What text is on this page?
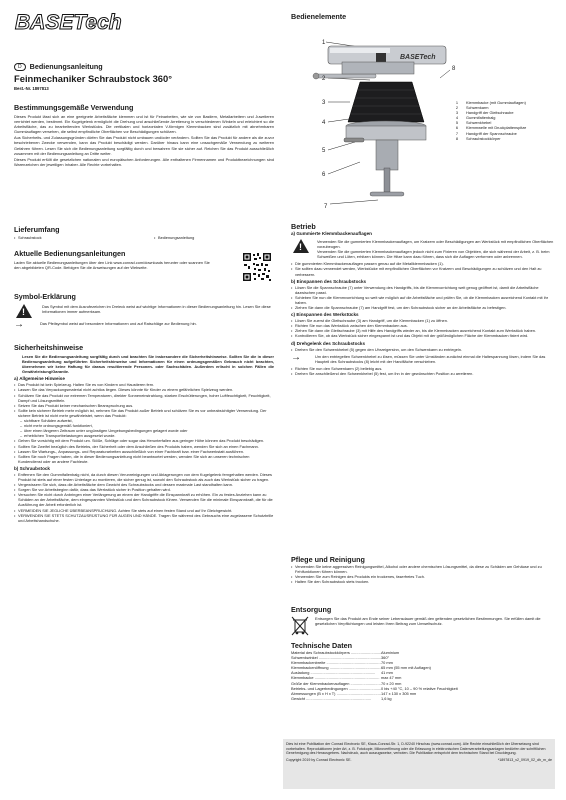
BASETech
D	Bedienungsanleitung
Feinmechaniker Schraubstock 360°
Best.-Nr. 1897813
Bestimmungsgemäße Verwendung

Dieses Produkt lässt sich an eine geeignete Arbeitsfläche klemmen und ist für Feinarbeiten, wie sie von Bastlern, Metallarbeitern und Juwelieren verrichtet werden, bestimmt. Ein Kugelgelenk ermöglicht die Drehung und anschließende Arretierung in verschiedenen Winkeln und erleichtert so die Arbeitsfläche, das zu bearbeitenden Werkstücks. Die vertikalen und horizontalen V-förmigen Klemmbacken sind zusätzlich mit abnehmbaren Gummiauflagen versehen, die selbst empfindliche Oberflächen vor Beschädigungen schützen.

Aus Sicherheits- und Zulassungsgründen dürfen Sie das Produkt nicht umbauen und/oder verändern. Sollten Sie das Produkt für andere als die zuvor beschriebenen Zwecke verwenden, kann das Produkt beschädigt werden. Darüber hinaus kann eine unsachgemäße Verwendung zu weiteren Gefahren führen. Lesen Sie sich die Bedienungsanleitung sorgfältig durch und bewahren Sie sie sicher auf. Reichen Sie das Produkt ausschließlich zusammen mit der Bedienungsanleitung an Dritte weiter.

Dieses Produkt erfüllt die gesetzlichen nationalen und europäischen Anforderungen. Alle enthaltenen Firmennamen und Produktbezeichnungen sind Warenzeichen der jeweiligen Inhaber. Alle Rechte vorbehalten.

Lieferumfang
• Schraubstock
•	Bedienungsanleitung
Aktuelle Bedienungsanleitungen

Laden Sie aktuelle Bedienungsanleitungen über den Link www.conrad.com/downloads herunter oder scannen Sie den abgebildeten QR-Code. Befolgen Sie die Anweisungen auf der Webseite.

Symbol-Erklärung
!

Das Symbol mit dem Ausrufezeichen im Dreieck weist auf wichtige Informationen in dieser Bedienungsanleitung hin. Lesen Sie diese Informationen immer aufmerksam.

→	Das Pfeilsymbol weist auf besondere Informationen und auf Ratschläge zur Bedienung hin.

Sicherheitshinweise

Lesen Sie die Bedienungsanleitung sorgfältig durch und beachten Sie insbesondere die Sicherheitshinweise. Sollten Sie die in dieser Bedienungsanleitung aufgeführten Sicherheitshinweise und Informationen für einen ordnungsgemäßen Gebrauch nicht beachten, übernehmen wir keine Haftung für daraus resultierende Personen- oder Sachschäden. Außerdem erlischt in solchen Fällen die Gewährleistung/Garantie.

a) Allgemeine Hinweise
• Das Produkt ist kein Spielzeug. Halten Sie es von Kindern und Haustieren fern.
• Lassen Sie das Verpackungsmaterial nicht achtlos liegen. Dieses könnte für Kinder zu einem gefährlichen Spielzeug werden.
• Schützen Sie das Produkt vor extremen Temperaturen, direkter Sonneneinstrahlung, starken Erschütterungen, hoher Luftfeuchtigkeit, Feuchtigkeit, Dampf und Lösungsmitteln.
• Setzen Sie das Produkt keiner mechanischen Beanspruchung aus.
• Sollte kein sicherer Betrieb mehr möglich ist, nehmen Sie das Produkt außer Betrieb und schützen Sie es vor unbeabsichtigter Verwendung. Der sichere Betrieb ist nicht mehr gewährleistet, wenn das Produkt:
– sichtbare Schäden aufweist,
– nicht mehr ordnungsgemäß funktioniert,
– über einen längeren Zeitraum unter ungünstigen Umgebungsbedingungen gelagert wurde oder
– erheblichen Transportbelastungen ausgesetzt wurde.
• Gehen Sie vorsichtig mit dem Produkt um. Stöße, Schläge oder sogar das Herunterfallen aus geringer Höhe können das Produkt beschädigen.
• Sollten Sie Zweifel bezüglich des Betriebs, der Sicherheit oder dem Anschließen des Produkts haben, wenden Sie sich an einen Fachmann.
• Lassen Sie Wartungs-, Anpassungs- und Reparaturarbeiten ausschließlich von einer Fachkraft bzw. einer Fachwerkstatt ausführen.
• Sollten Sie noch Fragen haben, die in dieser Bedienungsanleitung nicht beantwortet werden, wenden Sie sich an unseren technischen Kundendienst oder an andere Fachleute.
b) Schraubstock
• Entfernen Sie den Gummifallenbalg nicht, da durch diesen Verunreinigungen und Ablagerungen von dem Kugelgelenk ferngehalten werden. Dieses Produkt ist stets auf einer festen Unterlage zu montieren, die sicher genug ist, sowohl den Schraubstock als auch das Werkstück sicher zu tragen.
• Vergewissern Sie sich, dass die Arbeitsfläche dem Gewicht des Schraubstocks und dessen maximale Last standhalten kann.
• Sorgen Sie vor Arbeitsbeginn dafür, dass das Werkstück sicher in Position gehalten wird.
• Versuchen Sie nicht durch Anbringen einer Verlängerung an einem der Handgriffe die Einspannkraft zu erhöhen. Ein zu festes Anziehen kann zu Schäden an der Arbeitsfläche, dem eingespannten Werkstück und dem Schraubstock führen. Verwenden Sie die minimale Einspannkraft, die für die Ausführung der Arbeit erforderlich ist.
• VERMEIDEN SIE JEGLICHE ÜBERBEANSPRUCHUNG. Achten Sie stets auf einen festen Stand und auf Ihr Gleichgewicht.
• VERWENDEN SIE STETS SCHUTZAUSRÜSTUNG FÜR AUGEN UND HÄNDE. Tragen Sie während des Gebrauchs eine zugelassene Schutzbrille und Arbeitshandschuhe.
Bedienelemente
BASETech
1
2
3
4
5
6
7
8
1 Klemmbacke (mit Gummiauflagen)
2 Schwenkarm
3 Handgriff der Gleitschraube
4 Gummifaltenbalg
5 Schwenkhebel
6 Klemmwelle mit Druckplattenspitze
7 Handgriff der Spannschraube
8 Schraubstockkörper
Betrieb
a) Gummierte Klemmbackenauflagen
!

Verwenden Sie die gummierten Klemmbackenauflagen, um Kratzern oder Beschädigungen am Werkstück mit empfindlichen Oberflächen vorzubeugen.

Verwenden Sie die gummierten Klemmbackenauflagen jedoch nicht zum Fixieren von Objekten, die sich während der Arbeit, z. B. beim Schweißen und Löten, erhitzen können. Die Hitze kann dazu führen, dass sich die Auflagen verformen oder anbrennen.

• Die gummierten Klemmbackenauflagen passen genau auf die Metallklemmbacken (1).
• Sie sollten dazu verwendet werden, Werkstücke mit empfindlichen Oberflächen vor Kratzern und Beschädigungen zu schützen und den Halt zu verbessern.
b) Einspannen des Schraubstocks
• Lösen Sie die Spannschraube (7) unter Verwendung des Handgriffs, bis die Klemmvorrichtung weit genug geöffnet ist, damit die Arbeitsfläche dazwischen passt.
• Schieben Sie nun die Klemmvorrichtung so weit wie möglich auf die Arbeitsfläche und prüfen Sie, ob die Klemmbacken ausreichend Kontakt mit ihr haben.
• Ziehen Sie dann die Spannschraube (7) am Handgriff fest, um den Schraubstock sicher an der Arbeitsfläche zu befestigen.
c) Einspannen des Werkstücks
• Lösen Sie zuerst die Gleitschraube (3) am Handgriff, um die Klemmbacken (1) zu öffnen.
• Richten Sie nun das Werkstück zwischen den Klemmbacken aus.
• Ziehen Sie dann die Gleitschraube (3) mit Hilfe des Handgriffs wieder an, bis die Klemmbacken ausreichend Kontakt zum Werkstück haben.
• Kontrollieren Sie, ob das Werkstück sicher eingespannt ist und das Objekt mit der größtmöglichen Fläche der Klemmbacken fixiert wird.
d) Drehgelenk des Schraubstocks
• Drehen Sie den Schwenkhebel (5) gegen den Uhrzeigersinn, um den Schwenkarm zu entriegeln.
→	Um den entriegelten Schwenkhebel zu lösen, müssen Sie unter Umständen zunächst einmal die Haltespannung lösen, indem Sie das Haupteil des Schraubstocks (8) leicht mit der Handfläche verschieben.

• Richten Sie nun den Schwenkarm (2) beliebig aus.
• Drehen Sie anschließend den Schwenkhebel (5) fest, um ihn in der gewünschten Position zu arretieren.
Pflege und Reinigung
• Verwenden Sie keine aggressiven Reinigungsmittel, Alkohol oder andere chemischen Lösungsmittel, da diese zu Schäden am Gehäuse und zu Fehlfunktionen führen können.
• Verwenden Sie zum Reinigen des Produkts ein trockenes, faserfreies Tuch.
• Halten Sie den Schraubstock stets trocken.
Entsorgung

Entsorgen Sie das Produkt am Ende seiner Lebensdauer gemäß den geltenden gesetzlichen Bestimmungen. Sie erfüllen damit die gesetzlichen Verpflichtungen und leisten Ihren Beitrag zum Umweltschutz.

Technische Daten
Material des Schraubstockkörpers .....	Aluminium
Schwenkwinkel .....	360°
Klemmbackenbreite .....	70 mm
Klemmbackenöffnung .....	65 mm (55 mm mit Auflagen)
Ausladung .....	41 mm
Klemmbacke .....	max 47 mm
Größe der Klemmbackenauflagen .....	70 x 20 mm
Betriebs- und Lagerbedingungen .....	0 bis +40 °C, 10 – 90 % relative Feuchtigkeit
Abmessungen (B x H x T) .....	147 x 130 x 305 mm
Gewicht .....	1,6 kg

Dies ist eine Publikation der Conrad Electronic SE, Klaus-Conrad-Str. 1, D-92240 Hirschau (www.conrad.com). Alle Rechte einschließlich der Übersetzung sind vorbehalten. Reproduktionen jeder Art, z. B. Fotokopie, Mikroverfilmung oder die Erfassung in elektronischen Datenverarbeitungsanlagen bedürfen der schriftlichen Genehmigung des Herausgebers. Nachdruck, auch auszugsweise, verboten. Die Publikation entspricht dem technischen Stand bei Drucklegung.

Copyright 2019 by Conrad Electronic SE.	*1897813_v2_0919_02_dh_m_de
